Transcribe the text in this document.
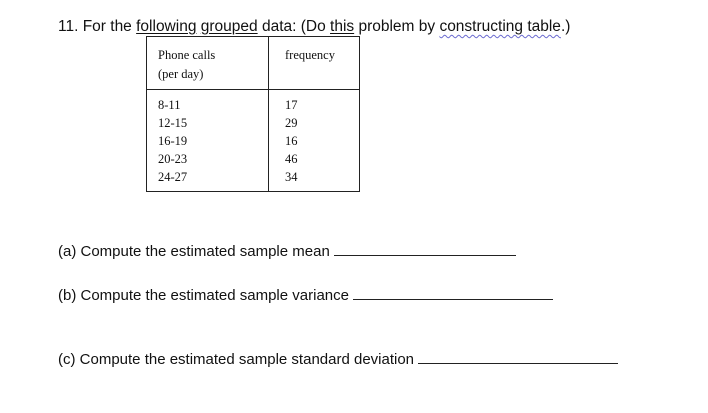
11. For the following grouped data: (Do this problem by constructing table.)
Phone calls
(per day)
frequency
8-11
12-15
16-19
20-23
24-27
17
29
16
46
34
(a) Compute the estimated sample mean
(b) Compute the estimated sample variance
(c) Compute the estimated sample standard deviation
